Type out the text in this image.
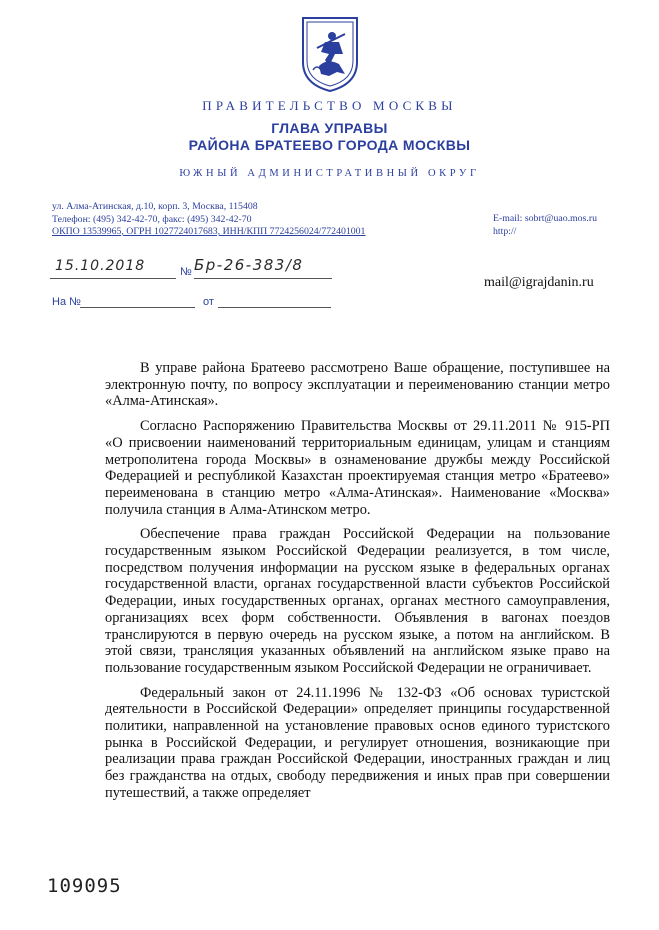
ПРАВИТЕЛЬСТВО МОСКВЫ
ГЛАВА УПРАВЫ
РАЙОНА БРАТЕЕВО ГОРОДА МОСКВЫ
ЮЖНЫЙ АДМИНИСТРАТИВНЫЙ ОКРУГ
ул. Алма-Атинская, д.10, корп. 3, Москва, 115408
Телефон: (495) 342-42-70, факс: (495) 342-42-70
ОКПО 13539965, ОГРН 1027724017683, ИНН/КПП 7724256024/772401001
E-mail: sobrt@uao.mos.ru
http://
15.10.2018	№ Бр-26-383/8
На №	от
mail@igrajdanin.ru

В управе района Братеево рассмотрено Ваше обращение, поступившее на электронную почту, по вопросу эксплуатации и переименованию станции метро «Алма-Атинская».

Согласно Распоряжению Правительства Москвы от 29.11.2011 № 915-РП «О присвоении наименований территориальным единицам, улицам и станциям метрополитена города Москвы» в ознаменование дружбы между Российской Федерацией и республикой Казахстан проектируемая станция метро «Братеево» переименована в станцию метро «Алма-Атинская». Наименование «Москва» получила станция в Алма-Атинском метро.

Обеспечение права граждан Российской Федерации на пользование государственным языком Российской Федерации реализуется, в том числе, посредством получения информации на русском языке в федеральных органах государственной власти, органах государственной власти субъектов Российской Федерации, иных государственных органах, органах местного самоуправления, организациях всех форм собственности. Объявления в вагонах поездов транслируются в первую очередь на русском языке, а потом на английском. В этой связи, трансляция указанных объявлений на английском языке право на пользование государственным языком Российской Федерации не ограничивает.

Федеральный закон от 24.11.1996 № 132-ФЗ «Об основах туристской деятельности в Российской Федерации» определяет принципы государственной политики, направленной на установление правовых основ единого туристского рынка в Российской Федерации, и регулирует отношения, возникающие при реализации права граждан Российской Федерации, иностранных граждан и лиц без гражданства на отдых, свободу передвижения и иных прав при совершении путешествий, а также определяет

109095
